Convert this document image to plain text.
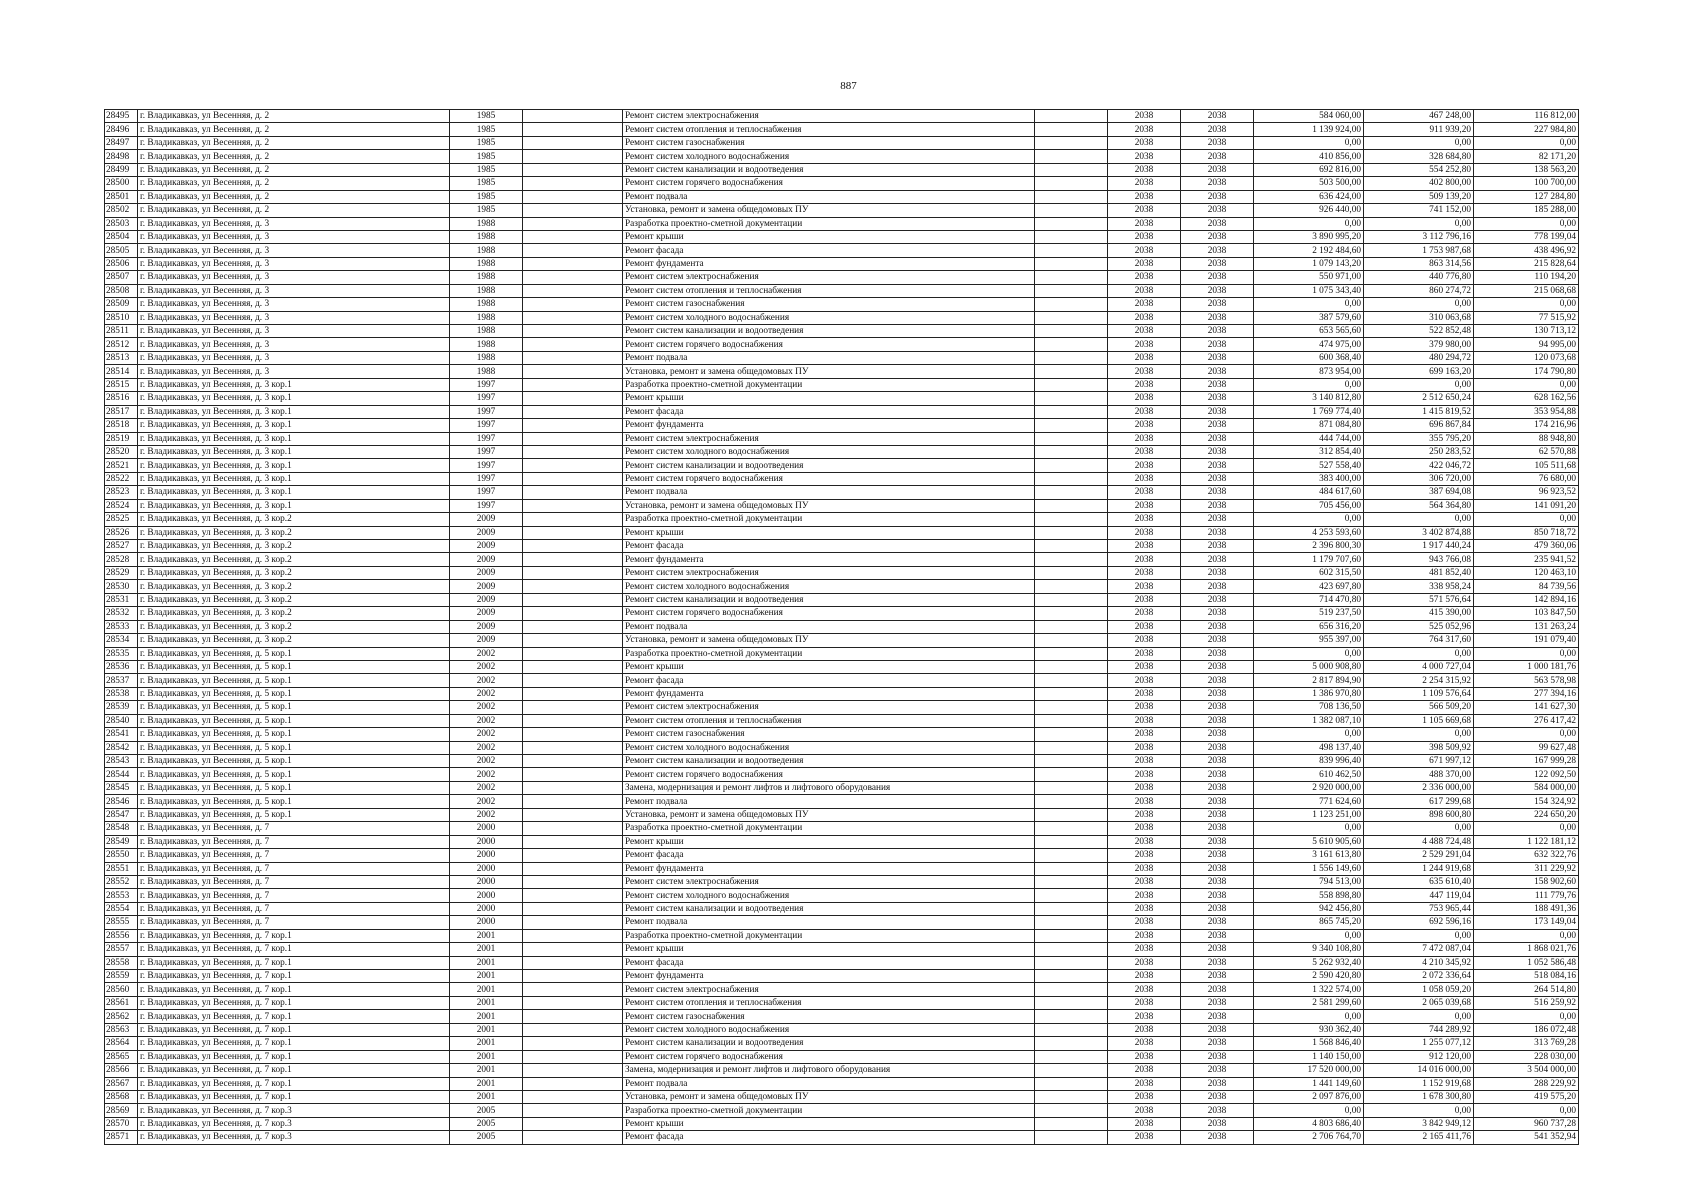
887
28495	г. Владикавказ, ул Весенняя, д. 2	1985		Ремонт систем электроснабжения		2038	2038	584 060,00	467 248,00	116 812,00
28496	г. Владикавказ, ул Весенняя, д. 2	1985		Ремонт систем отопления и теплоснабжения		2038	2038	1 139 924,00	911 939,20	227 984,80
28497	г. Владикавказ, ул Весенняя, д. 2	1985		Ремонт систем газоснабжения		2038	2038	0,00	0,00	0,00
28498	г. Владикавказ, ул Весенняя, д. 2	1985		Ремонт систем холодного водоснабжения		2038	2038	410 856,00	328 684,80	82 171,20
28499	г. Владикавказ, ул Весенняя, д. 2	1985		Ремонт систем канализации и водоотведения		2038	2038	692 816,00	554 252,80	138 563,20
28500	г. Владикавказ, ул Весенняя, д. 2	1985		Ремонт систем горячего водоснабжения		2038	2038	503 500,00	402 800,00	100 700,00
28501	г. Владикавказ, ул Весенняя, д. 2	1985		Ремонт подвала		2038	2038	636 424,00	509 139,20	127 284,80
28502	г. Владикавказ, ул Весенняя, д. 2	1985		Установка, ремонт и замена общедомовых ПУ		2038	2038	926 440,00	741 152,00	185 288,00
28503	г. Владикавказ, ул Весенняя, д. 3	1988		Разработка проектно-сметной документации		2038	2038	0,00	0,00	0,00
28504	г. Владикавказ, ул Весенняя, д. 3	1988		Ремонт крыши		2038	2038	3 890 995,20	3 112 796,16	778 199,04
28505	г. Владикавказ, ул Весенняя, д. 3	1988		Ремонт фасада		2038	2038	2 192 484,60	1 753 987,68	438 496,92
28506	г. Владикавказ, ул Весенняя, д. 3	1988		Ремонт фундамента		2038	2038	1 079 143,20	863 314,56	215 828,64
28507	г. Владикавказ, ул Весенняя, д. 3	1988		Ремонт систем электроснабжения		2038	2038	550 971,00	440 776,80	110 194,20
28508	г. Владикавказ, ул Весенняя, д. 3	1988		Ремонт систем отопления и теплоснабжения		2038	2038	1 075 343,40	860 274,72	215 068,68
28509	г. Владикавказ, ул Весенняя, д. 3	1988		Ремонт систем газоснабжения		2038	2038	0,00	0,00	0,00
28510	г. Владикавказ, ул Весенняя, д. 3	1988		Ремонт систем холодного водоснабжения		2038	2038	387 579,60	310 063,68	77 515,92
28511	г. Владикавказ, ул Весенняя, д. 3	1988		Ремонт систем канализации и водоотведения		2038	2038	653 565,60	522 852,48	130 713,12
28512	г. Владикавказ, ул Весенняя, д. 3	1988		Ремонт систем горячего водоснабжения		2038	2038	474 975,00	379 980,00	94 995,00
28513	г. Владикавказ, ул Весенняя, д. 3	1988		Ремонт подвала		2038	2038	600 368,40	480 294,72	120 073,68
28514	г. Владикавказ, ул Весенняя, д. 3	1988		Установка, ремонт и замена общедомовых ПУ		2038	2038	873 954,00	699 163,20	174 790,80
28515	г. Владикавказ, ул Весенняя, д. 3 кор.1	1997		Разработка проектно-сметной документации		2038	2038	0,00	0,00	0,00
28516	г. Владикавказ, ул Весенняя, д. 3 кор.1	1997		Ремонт крыши		2038	2038	3 140 812,80	2 512 650,24	628 162,56
28517	г. Владикавказ, ул Весенняя, д. 3 кор.1	1997		Ремонт фасада		2038	2038	1 769 774,40	1 415 819,52	353 954,88
28518	г. Владикавказ, ул Весенняя, д. 3 кор.1	1997		Ремонт фундамента		2038	2038	871 084,80	696 867,84	174 216,96
28519	г. Владикавказ, ул Весенняя, д. 3 кор.1	1997		Ремонт систем электроснабжения		2038	2038	444 744,00	355 795,20	88 948,80
28520	г. Владикавказ, ул Весенняя, д. 3 кор.1	1997		Ремонт систем холодного водоснабжения		2038	2038	312 854,40	250 283,52	62 570,88
28521	г. Владикавказ, ул Весенняя, д. 3 кор.1	1997		Ремонт систем канализации и водоотведения		2038	2038	527 558,40	422 046,72	105 511,68
28522	г. Владикавказ, ул Весенняя, д. 3 кор.1	1997		Ремонт систем горячего водоснабжения		2038	2038	383 400,00	306 720,00	76 680,00
28523	г. Владикавказ, ул Весенняя, д. 3 кор.1	1997		Ремонт подвала		2038	2038	484 617,60	387 694,08	96 923,52
28524	г. Владикавказ, ул Весенняя, д. 3 кор.1	1997		Установка, ремонт и замена общедомовых ПУ		2038	2038	705 456,00	564 364,80	141 091,20
28525	г. Владикавказ, ул Весенняя, д. 3 кор.2	2009		Разработка проектно-сметной документации		2038	2038	0,00	0,00	0,00
28526	г. Владикавказ, ул Весенняя, д. 3 кор.2	2009		Ремонт крыши		2038	2038	4 253 593,60	3 402 874,88	850 718,72
28527	г. Владикавказ, ул Весенняя, д. 3 кор.2	2009		Ремонт фасада		2038	2038	2 396 800,30	1 917 440,24	479 360,06
28528	г. Владикавказ, ул Весенняя, д. 3 кор.2	2009		Ремонт фундамента		2038	2038	1 179 707,60	943 766,08	235 941,52
28529	г. Владикавказ, ул Весенняя, д. 3 кор.2	2009		Ремонт систем электроснабжения		2038	2038	602 315,50	481 852,40	120 463,10
28530	г. Владикавказ, ул Весенняя, д. 3 кор.2	2009		Ремонт систем холодного водоснабжения		2038	2038	423 697,80	338 958,24	84 739,56
28531	г. Владикавказ, ул Весенняя, д. 3 кор.2	2009		Ремонт систем канализации и водоотведения		2038	2038	714 470,80	571 576,64	142 894,16
28532	г. Владикавказ, ул Весенняя, д. 3 кор.2	2009		Ремонт систем горячего водоснабжения		2038	2038	519 237,50	415 390,00	103 847,50
28533	г. Владикавказ, ул Весенняя, д. 3 кор.2	2009		Ремонт подвала		2038	2038	656 316,20	525 052,96	131 263,24
28534	г. Владикавказ, ул Весенняя, д. 3 кор.2	2009		Установка, ремонт и замена общедомовых ПУ		2038	2038	955 397,00	764 317,60	191 079,40
28535	г. Владикавказ, ул Весенняя, д. 5 кор.1	2002		Разработка проектно-сметной документации		2038	2038	0,00	0,00	0,00
28536	г. Владикавказ, ул Весенняя, д. 5 кор.1	2002		Ремонт крыши		2038	2038	5 000 908,80	4 000 727,04	1 000 181,76
28537	г. Владикавказ, ул Весенняя, д. 5 кор.1	2002		Ремонт фасада		2038	2038	2 817 894,90	2 254 315,92	563 578,98
28538	г. Владикавказ, ул Весенняя, д. 5 кор.1	2002		Ремонт фундамента		2038	2038	1 386 970,80	1 109 576,64	277 394,16
28539	г. Владикавказ, ул Весенняя, д. 5 кор.1	2002		Ремонт систем электроснабжения		2038	2038	708 136,50	566 509,20	141 627,30
28540	г. Владикавказ, ул Весенняя, д. 5 кор.1	2002		Ремонт систем отопления и теплоснабжения		2038	2038	1 382 087,10	1 105 669,68	276 417,42
28541	г. Владикавказ, ул Весенняя, д. 5 кор.1	2002		Ремонт систем газоснабжения		2038	2038	0,00	0,00	0,00
28542	г. Владикавказ, ул Весенняя, д. 5 кор.1	2002		Ремонт систем холодного водоснабжения		2038	2038	498 137,40	398 509,92	99 627,48
28543	г. Владикавказ, ул Весенняя, д. 5 кор.1	2002		Ремонт систем канализации и водоотведения		2038	2038	839 996,40	671 997,12	167 999,28
28544	г. Владикавказ, ул Весенняя, д. 5 кор.1	2002		Ремонт систем горячего водоснабжения		2038	2038	610 462,50	488 370,00	122 092,50
28545	г. Владикавказ, ул Весенняя, д. 5 кор.1	2002		Замена, модернизация и ремонт лифтов и лифтового оборудования		2038	2038	2 920 000,00	2 336 000,00	584 000,00
28546	г. Владикавказ, ул Весенняя, д. 5 кор.1	2002		Ремонт подвала		2038	2038	771 624,60	617 299,68	154 324,92
28547	г. Владикавказ, ул Весенняя, д. 5 кор.1	2002		Установка, ремонт и замена общедомовых ПУ		2038	2038	1 123 251,00	898 600,80	224 650,20
28548	г. Владикавказ, ул Весенняя, д. 7	2000		Разработка проектно-сметной документации		2038	2038	0,00	0,00	0,00
28549	г. Владикавказ, ул Весенняя, д. 7	2000		Ремонт крыши		2038	2038	5 610 905,60	4 488 724,48	1 122 181,12
28550	г. Владикавказ, ул Весенняя, д. 7	2000		Ремонт фасада		2038	2038	3 161 613,80	2 529 291,04	632 322,76
28551	г. Владикавказ, ул Весенняя, д. 7	2000		Ремонт фундамента		2038	2038	1 556 149,60	1 244 919,68	311 229,92
28552	г. Владикавказ, ул Весенняя, д. 7	2000		Ремонт систем электроснабжения		2038	2038	794 513,00	635 610,40	158 902,60
28553	г. Владикавказ, ул Весенняя, д. 7	2000		Ремонт систем холодного водоснабжения		2038	2038	558 898,80	447 119,04	111 779,76
28554	г. Владикавказ, ул Весенняя, д. 7	2000		Ремонт систем канализации и водоотведения		2038	2038	942 456,80	753 965,44	188 491,36
28555	г. Владикавказ, ул Весенняя, д. 7	2000		Ремонт подвала		2038	2038	865 745,20	692 596,16	173 149,04
28556	г. Владикавказ, ул Весенняя, д. 7 кор.1	2001		Разработка проектно-сметной документации		2038	2038	0,00	0,00	0,00
28557	г. Владикавказ, ул Весенняя, д. 7 кор.1	2001		Ремонт крыши		2038	2038	9 340 108,80	7 472 087,04	1 868 021,76
28558	г. Владикавказ, ул Весенняя, д. 7 кор.1	2001		Ремонт фасада		2038	2038	5 262 932,40	4 210 345,92	1 052 586,48
28559	г. Владикавказ, ул Весенняя, д. 7 кор.1	2001		Ремонт фундамента		2038	2038	2 590 420,80	2 072 336,64	518 084,16
28560	г. Владикавказ, ул Весенняя, д. 7 кор.1	2001		Ремонт систем электроснабжения		2038	2038	1 322 574,00	1 058 059,20	264 514,80
28561	г. Владикавказ, ул Весенняя, д. 7 кор.1	2001		Ремонт систем отопления и теплоснабжения		2038	2038	2 581 299,60	2 065 039,68	516 259,92
28562	г. Владикавказ, ул Весенняя, д. 7 кор.1	2001		Ремонт систем газоснабжения		2038	2038	0,00	0,00	0,00
28563	г. Владикавказ, ул Весенняя, д. 7 кор.1	2001		Ремонт систем холодного водоснабжения		2038	2038	930 362,40	744 289,92	186 072,48
28564	г. Владикавказ, ул Весенняя, д. 7 кор.1	2001		Ремонт систем канализации и водоотведения		2038	2038	1 568 846,40	1 255 077,12	313 769,28
28565	г. Владикавказ, ул Весенняя, д. 7 кор.1	2001		Ремонт систем горячего водоснабжения		2038	2038	1 140 150,00	912 120,00	228 030,00
28566	г. Владикавказ, ул Весенняя, д. 7 кор.1	2001		Замена, модернизация и ремонт лифтов и лифтового оборудования		2038	2038	17 520 000,00	14 016 000,00	3 504 000,00
28567	г. Владикавказ, ул Весенняя, д. 7 кор.1	2001		Ремонт подвала		2038	2038	1 441 149,60	1 152 919,68	288 229,92
28568	г. Владикавказ, ул Весенняя, д. 7 кор.1	2001		Установка, ремонт и замена общедомовых ПУ		2038	2038	2 097 876,00	1 678 300,80	419 575,20
28569	г. Владикавказ, ул Весенняя, д. 7 кор.3	2005		Разработка проектно-сметной документации		2038	2038	0,00	0,00	0,00
28570	г. Владикавказ, ул Весенняя, д. 7 кор.3	2005		Ремонт крыши		2038	2038	4 803 686,40	3 842 949,12	960 737,28
28571	г. Владикавказ, ул Весенняя, д. 7 кор.3	2005		Ремонт фасада		2038	2038	2 706 764,70	2 165 411,76	541 352,94
